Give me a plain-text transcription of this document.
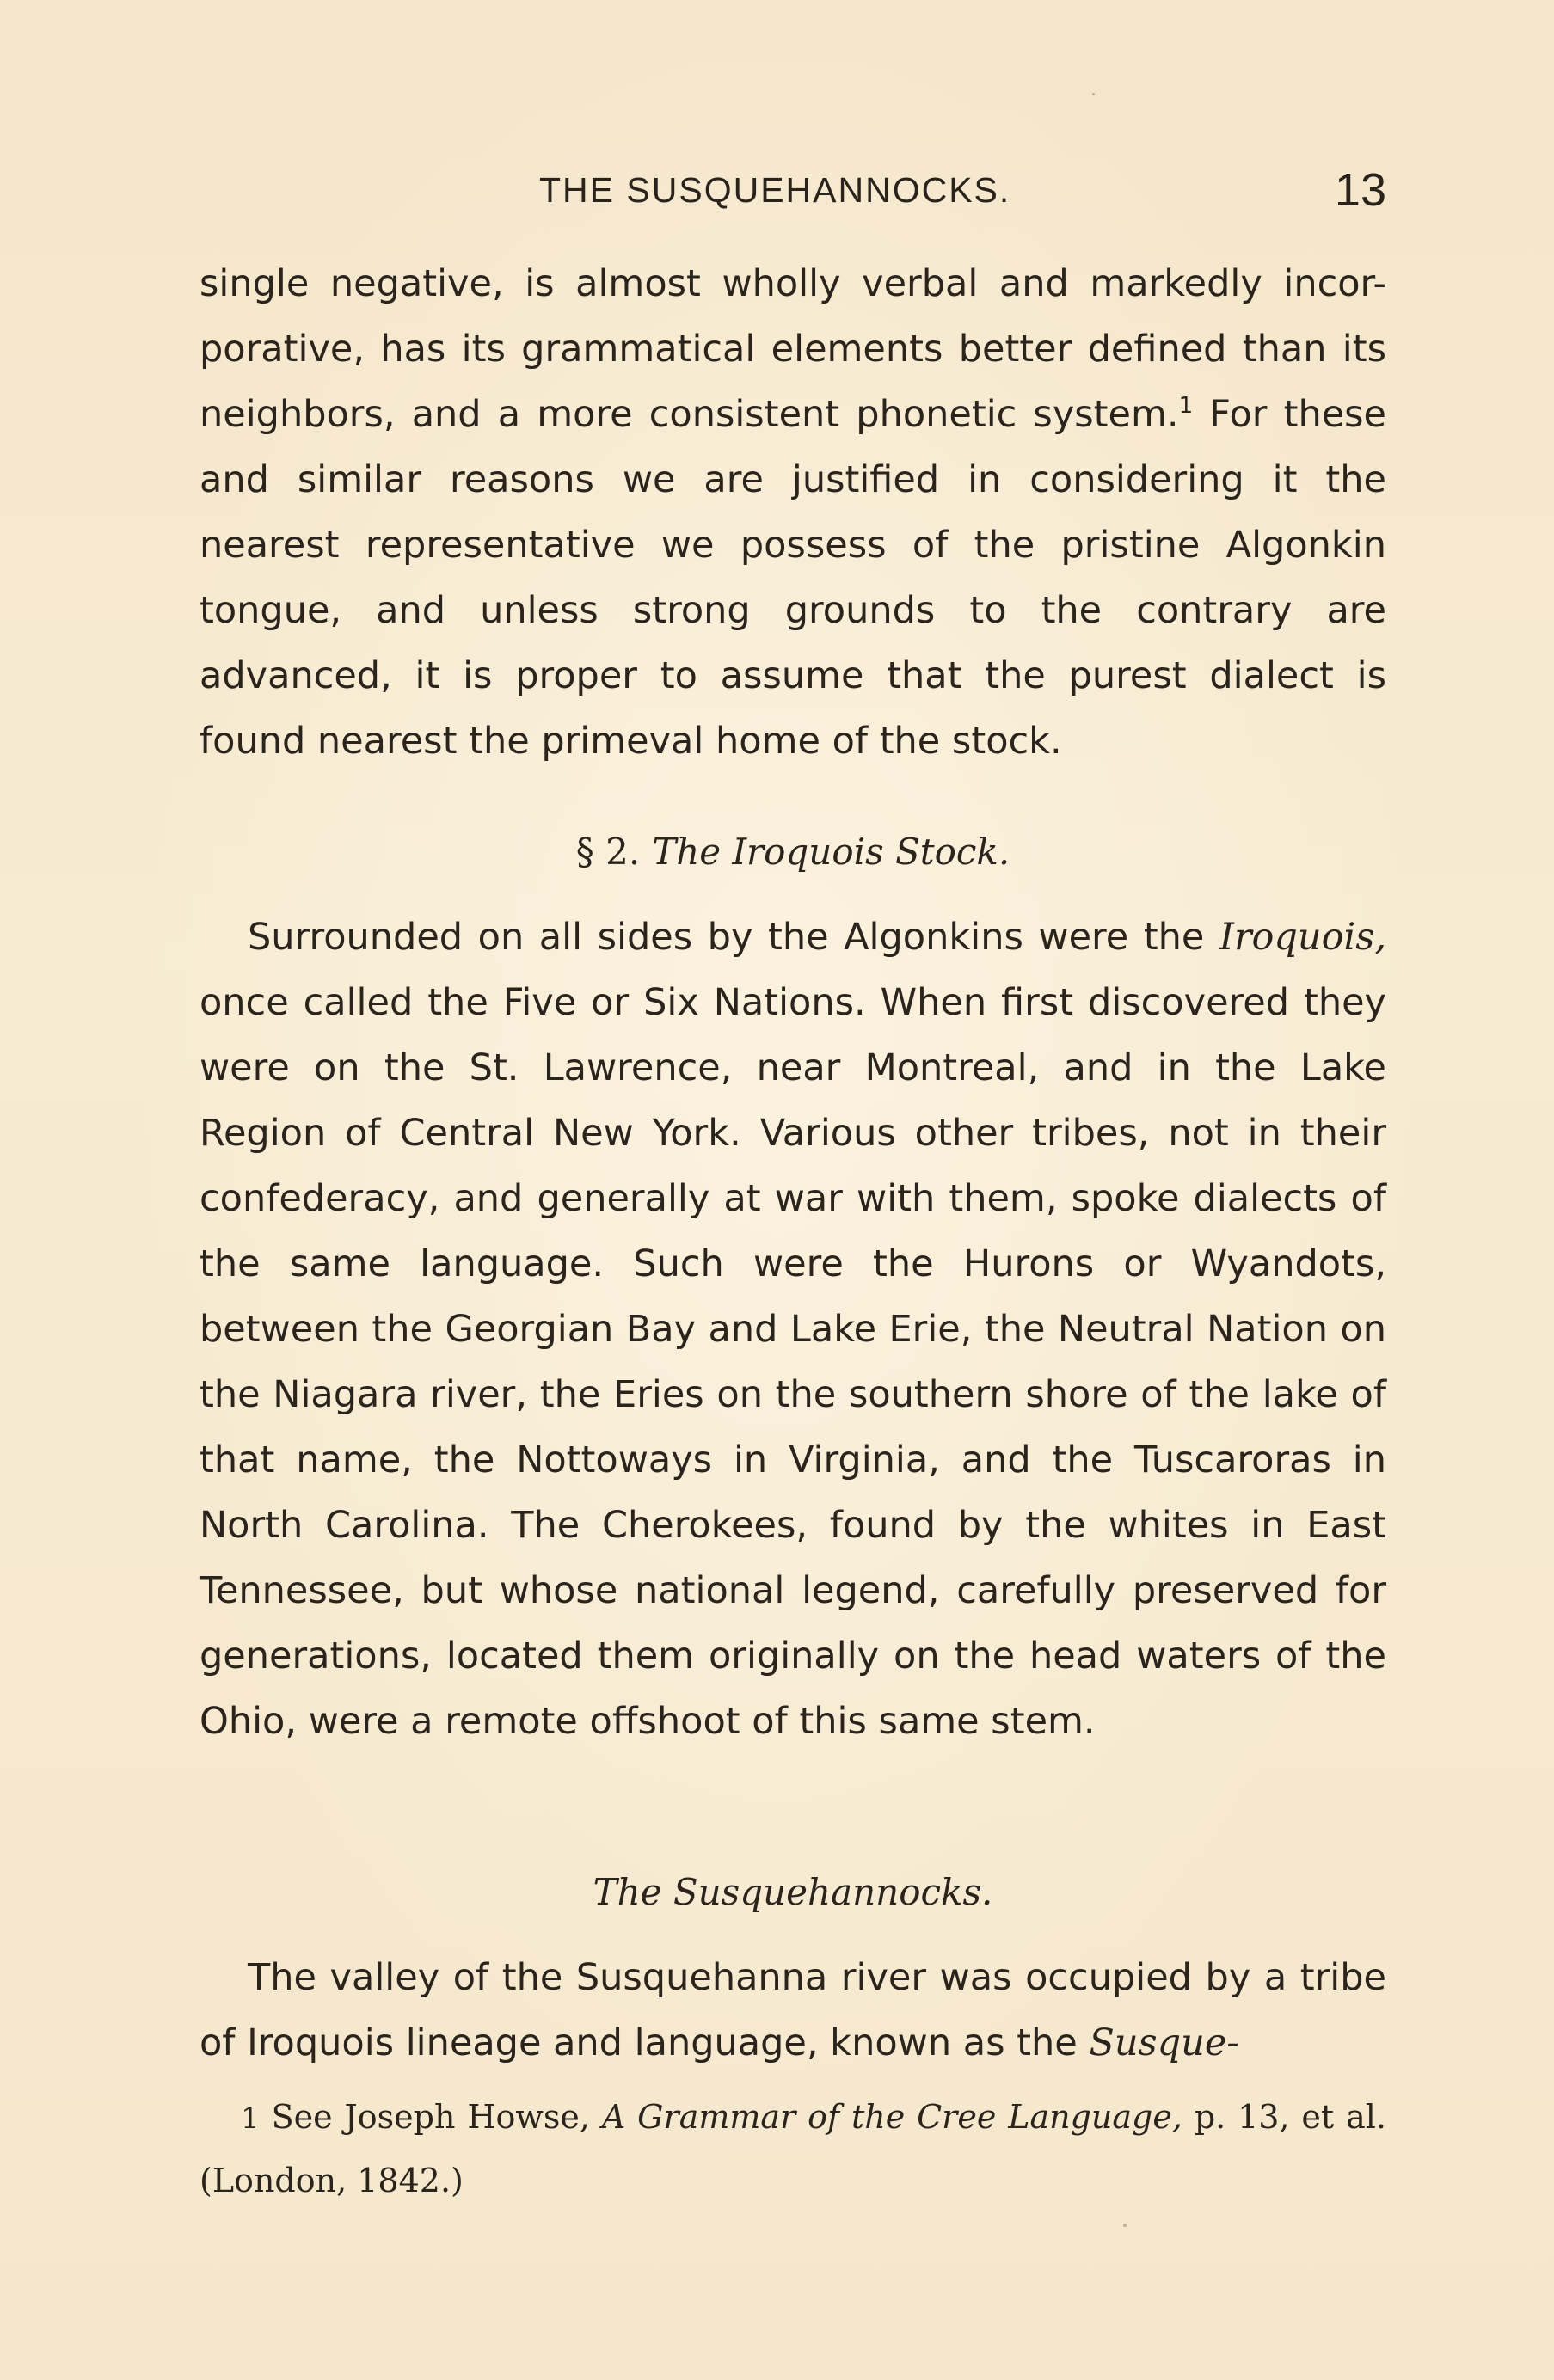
THE SUSQUEHANNOCKS.	13

single negative, is almost wholly verbal and markedly incor-porative, has its grammatical elements better defined than its neighbors, and a more consistent phonetic system.$^1$ For these and similar reasons we are justified in considering it the nearest representative we possess of the pristine Algonkin tongue, and unless strong grounds to the contrary are advanced, it is proper to assume that the purest dialect is found nearest the primeval home of the stock.

§ 2. The Iroquois Stock.

Surrounded on all sides by the Algonkins were the Iroquois, once called the Five or Six Nations. When first discovered they were on the St. Lawrence, near Montreal, and in the Lake Region of Central New York. Various other tribes, not in their confederacy, and generally at war with them, spoke dialects of the same language. Such were the Hurons or Wyandots, between the Georgian Bay and Lake Erie, the Neutral Nation on the Niagara river, the Eries on the southern shore of the lake of that name, the Nottoways in Virginia, and the Tuscaroras in North Carolina. The Cherokees, found by the whites in East Tennessee, but whose national legend, carefully preserved for generations, located them originally on the head waters of the Ohio, were a remote offshoot of this same stem.

The Susquehannocks.

The valley of the Susquehanna river was occupied by a tribe of Iroquois lineage and language, known as the Susque-

1 See Joseph Howse, A Grammar of the Cree Language, p. 13, et al. (London, 1842.)
